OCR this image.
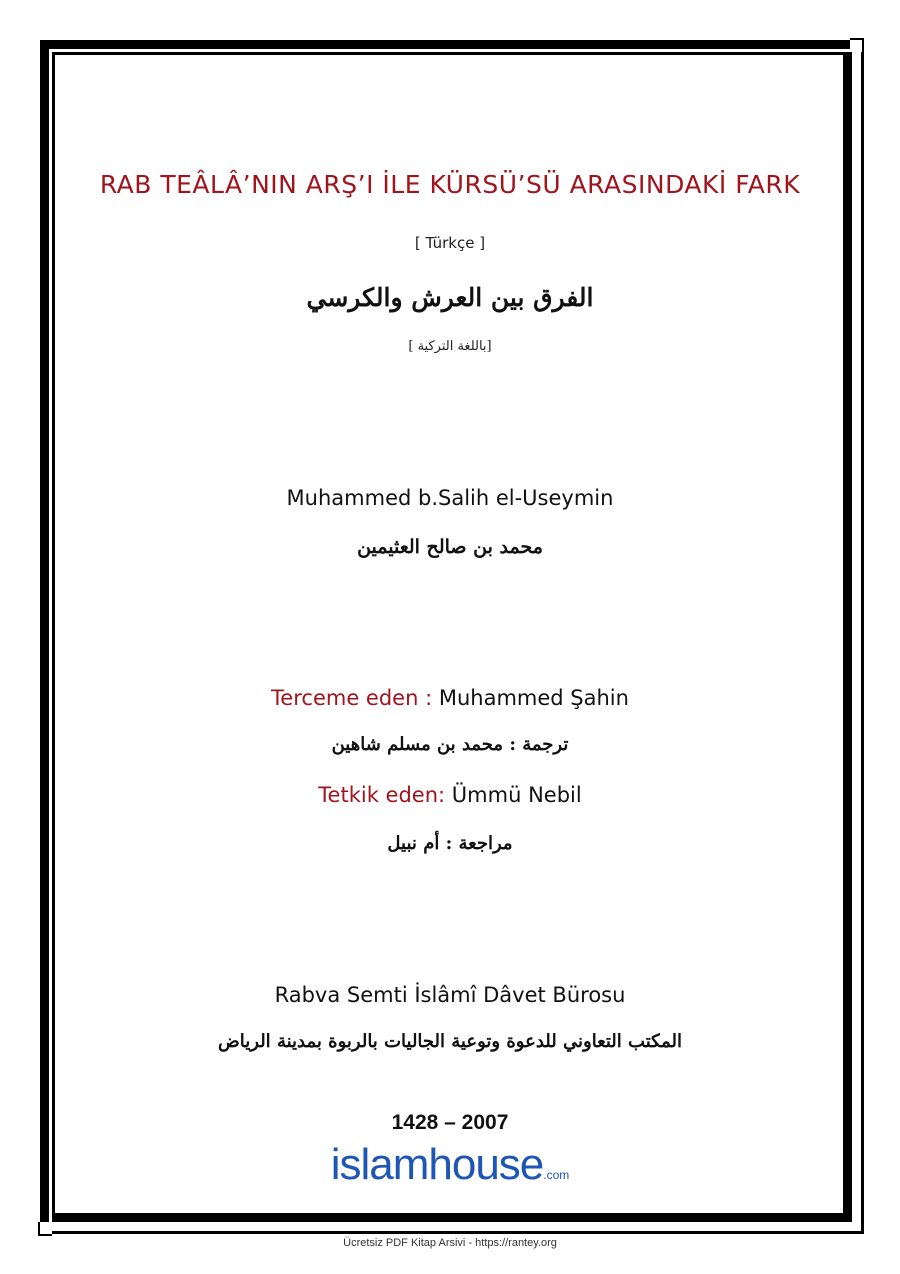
RAB TEÂLÂ’NIN ARŞ’I İLE KÜRSÜ’SÜ ARASINDAKİ FARK
[ Türkçe ]
الفرق بين العرش والكرسي
[باللغة التركية ]
Muhammed b.Salih el-Useymin
محمد بن صالح العثيمين
Terceme eden : Muhammed Şahin
ترجمة : محمد بن مسلم شاهين
Tetkik eden: Ümmü Nebil
مراجعة : أم نبيل
Rabva Semti İslâmî Dâvet Bürosu
المكتب التعاوني للدعوة وتوعية الجاليات بالربوة بمدينة الرياض
1428 – 2007
islamhouse.com
Ücretsiz PDF Kitap Arsivi - https://rantey.org
